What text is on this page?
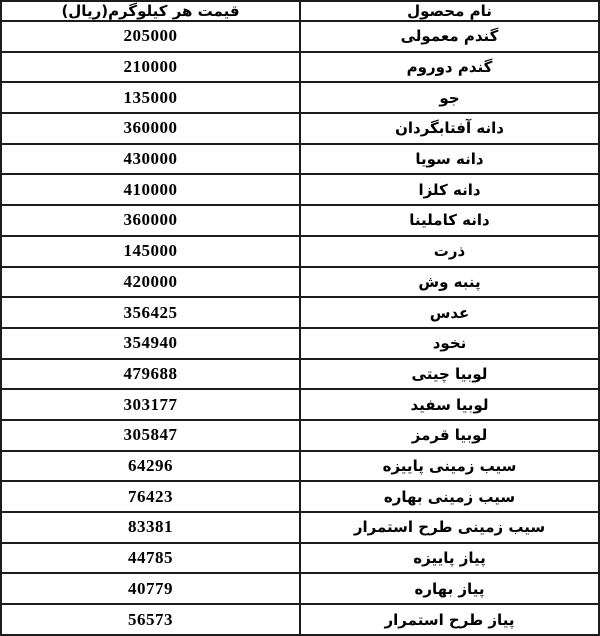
قیمت هر کیلوگرم(ریال)	نام محصول
205000	گندم معمولی
210000	گندم دوروم
135000	جو
360000	دانه آفتابگردان
430000	دانه سویا
410000	دانه کلزا
360000	دانه کاملینا
145000	ذرت
420000	پنبه وش
356425	عدس
354940	نخود
479688	لوبیا چیتی
303177	لوبیا سفید
305847	لوبیا قرمز
64296	سیب زمینی پاییزه
76423	سیب زمینی بهاره
83381	سیب زمینی طرح استمرار
44785	پیاز پاییزه
40779	پیاز بهاره
56573	پیاز طرح استمرار
